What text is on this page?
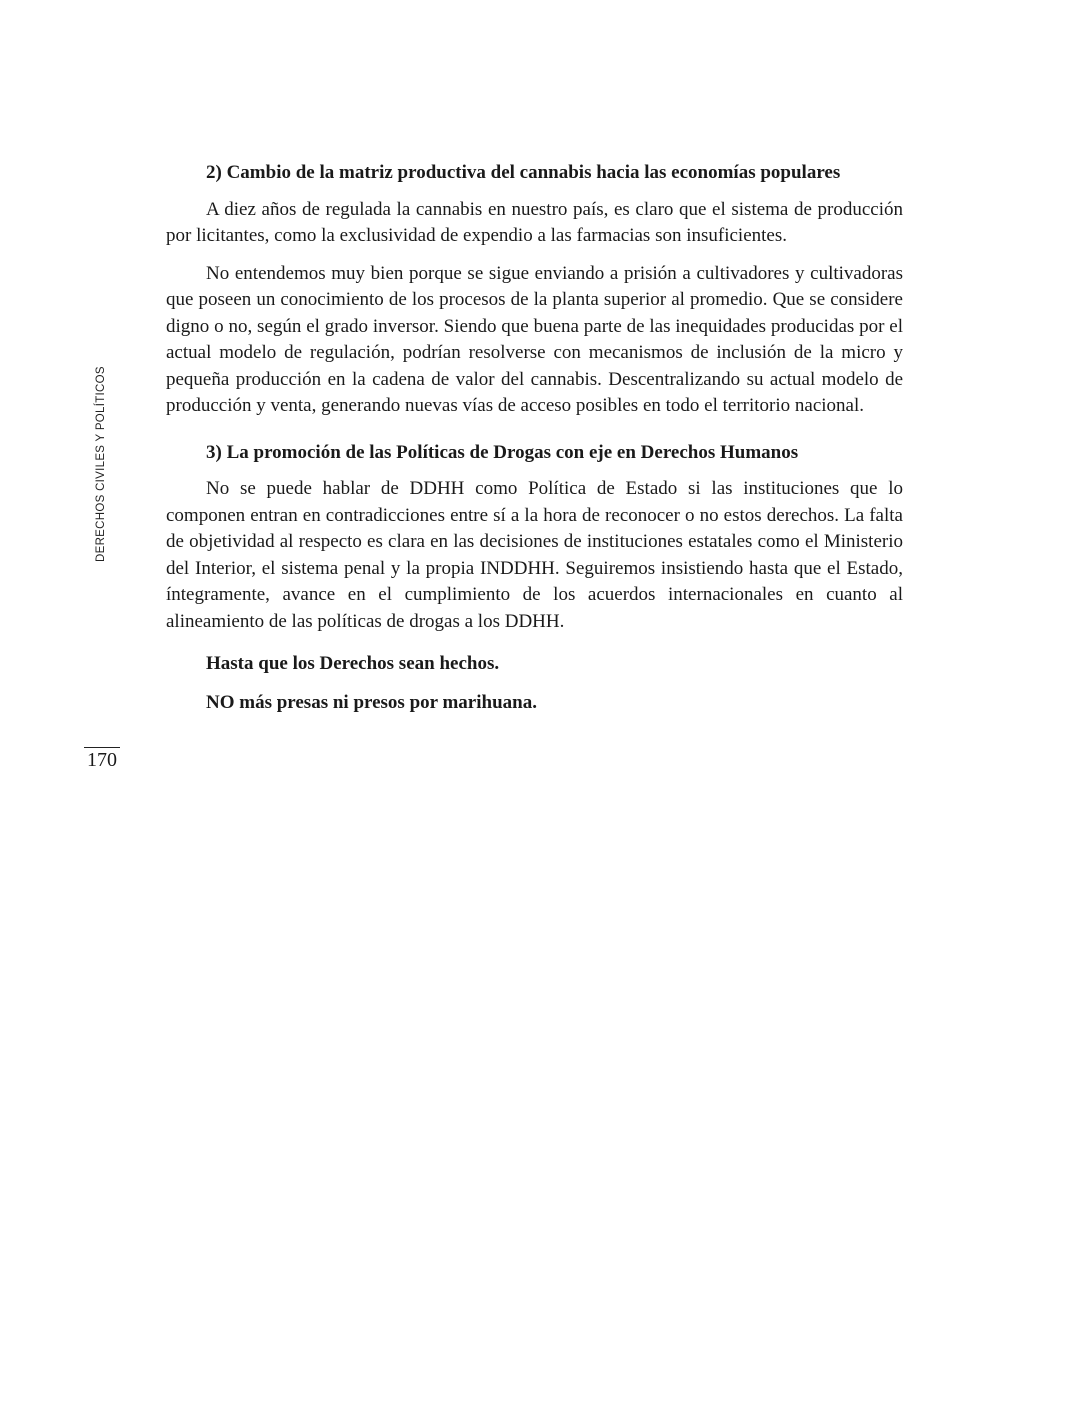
DERECHOS CIVILES Y POLÍTICOS
170

2) Cambio de la matriz productiva del cannabis hacia las economías populares

A diez años de regulada la cannabis en nuestro país, es claro que el sistema de producción por licitantes, como la exclusividad de expendio a las farmacias son insuficientes.

No entendemos muy bien porque se sigue enviando a prisión a cultivadores y cultivadoras que poseen un conocimiento de los procesos de la planta superior al promedio. Que se considere digno o no, según el grado inversor. Siendo que buena parte de las inequidades producidas por el actual modelo de regulación, podrían resolverse con mecanismos de inclusión de la micro y pequeña producción en la cadena de valor del cannabis. Descentralizando su actual modelo de producción y venta, generando nuevas vías de acceso posibles en todo el territorio nacional.

3) La promoción de las Políticas de Drogas con eje en Derechos Humanos

No se puede hablar de DDHH como Política de Estado si las instituciones que lo componen entran en contradicciones entre sí a la hora de reconocer o no estos derechos. La falta de objetividad al respecto es clara en las decisiones de instituciones estatales como el Ministerio del Interior, el sistema penal y la propia INDDHH. Seguiremos insistiendo hasta que el Estado, íntegramente, avance en el cumplimiento de los acuerdos internacionales en cuanto al alineamiento de las políticas de drogas a los DDHH.

Hasta que los Derechos sean hechos.

NO más presas ni presos por marihuana.
